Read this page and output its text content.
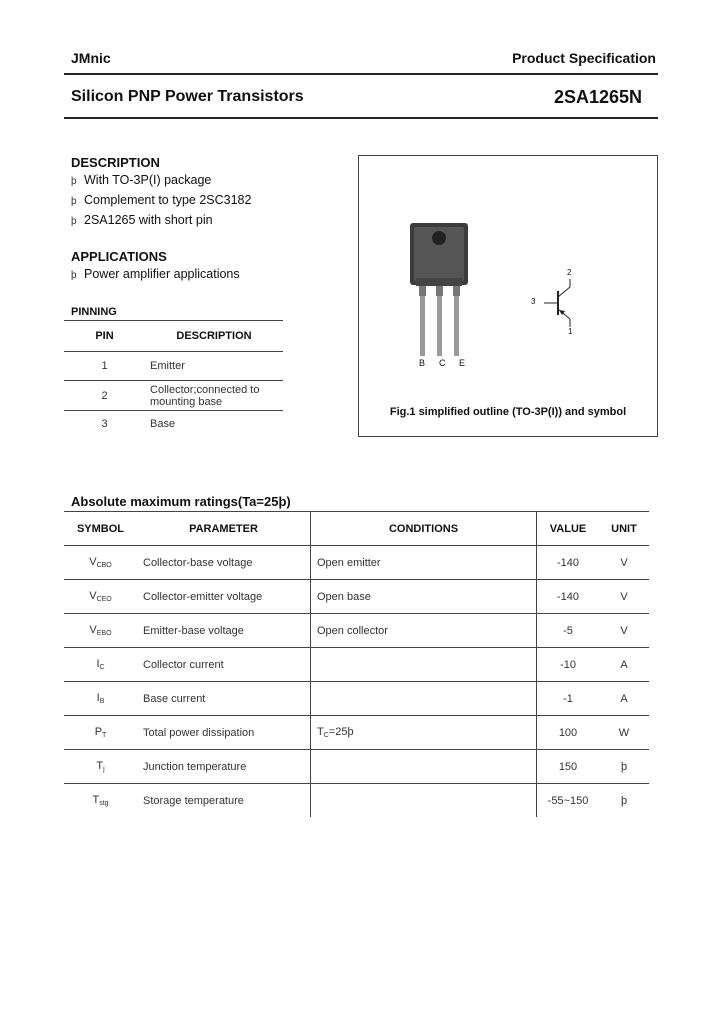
JMnic	Product Specification
Silicon PNP Power Transistors	2SA1265N
DESCRIPTION
þ With TO-3P(I) package
þ Complement to type 2SC3182
þ 2SA1265 with short pin
APPLICATIONS
þ Power amplifier applications
PINNING
PIN	DESCRIPTION
1	Emitter
2	Collector;connected to mounting base

3	Base
B C E
2
3
1
Fig.1 simplified outline (TO-3P(I)) and symbol
Absolute maximum ratings(Ta=25þ)
SYMBOL	PARAMETER	CONDITIONS	VALUE	UNIT
$V_{CBO}$	Collector-base voltage	Open emitter	-140	V
$V_{CEO}$	Collector-emitter voltage	Open base	-140	V
$V_{EBO}$	Emitter-base voltage	Open collector	-5	V
$I_C$	Collector current		-10	A
$I_B$	Base current		-1	A
$P_T$	Total power dissipation	$T_C=25þ$	100	W
$T_j$	Junction temperature		150	þ
$T_{stg}$	Storage temperature		-55~150	þ
